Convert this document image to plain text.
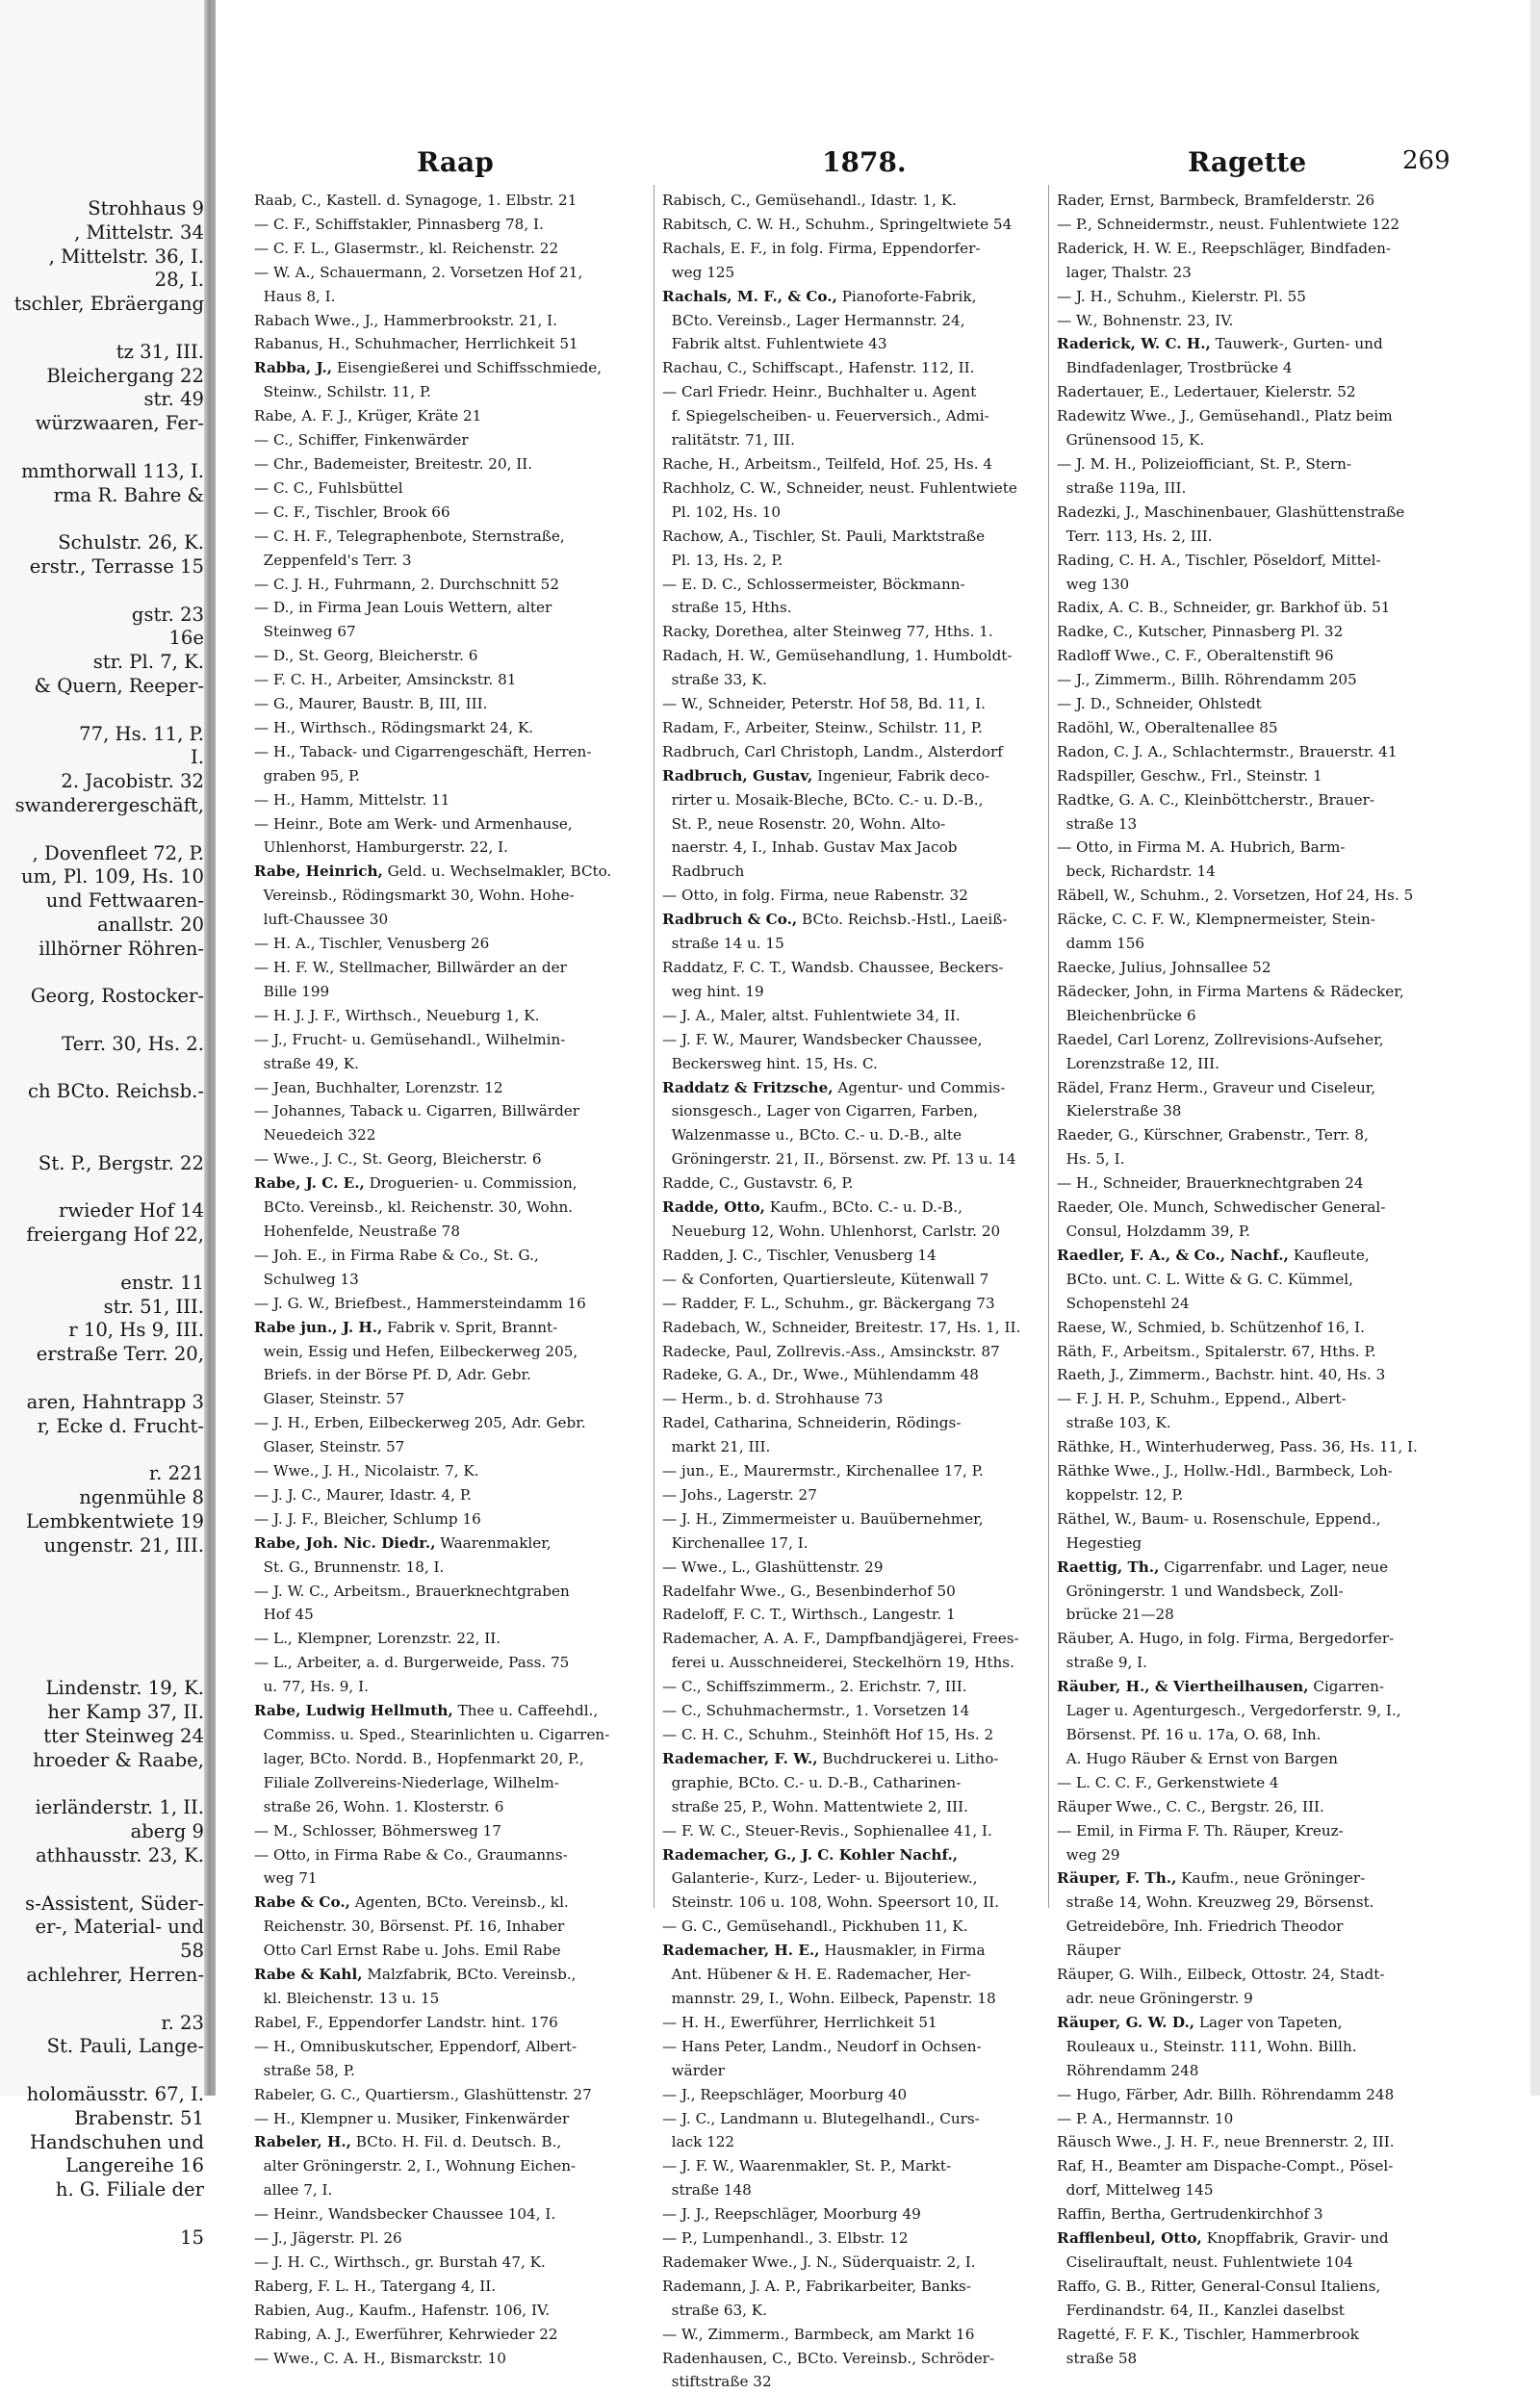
Strohhaus 9
, Mittelstr. 34
, Mittelstr. 36, I.
28, I.
tschler, Ebräergang

tz 31, III.
Bleichergang 22
str. 49
würzwaaren, Fer-

mmthorwall 113, I.
rma R. Bahre &

Schulstr. 26, K.
erstr., Terrasse 15

gstr. 23
16e
str. Pl. 7, K.
& Quern, Reeper-

77, Hs. 11, P.
I.
2. Jacobistr. 32
swanderergeschäft,

, Dovenfleet 72, P.
um, Pl. 109, Hs. 10
und Fettwaaren-
anallstr. 20
illhörner Röhren-

Georg, Rostocker-

Terr. 30, Hs. 2.

ch BCto. Reichsb.-

St. P., Bergstr. 22

rwieder Hof 14
freiergang Hof 22,

enstr. 11
str. 51, III.
r 10, Hs 9, III.
erstraße Terr. 20,

aren, Hahntrapp 3
r, Ecke d. Frucht-

r. 221
ngenmühle 8
Lembkentwiete 19
ungenstr. 21, III.

Lindenstr. 19, K.
her Kamp 37, II.
tter Steinweg 24
hroeder & Raabe,

ierländerstr. 1, II.
aberg 9
athhausstr. 23, K.

s-Assistent, Süder-
er-, Material- und
58
achlehrer, Herren-

r. 23
St. Pauli, Lange-

holomäusstr. 67, I.
Brabenstr. 51
Handschuhen und
Langereihe 16
h. G. Filiale der

15
Raap	1878.	Ragette	269
Raab, C., Kastell. d. Synagoge, 1. Elbstr. 21
— C. F., Schiffstakler, Pinnasberg 78, I.
— C. F. L., Glasermstr., kl. Reichenstr. 22
— W. A., Schauermann, 2. Vorsetzen Hof 21,
Haus 8, I.
Rabach Wwe., J., Hammerbrookstr. 21, I.
Rabanus, H., Schuhmacher, Herrlichkeit 51
Rabba, J., Eisengießerei und Schiffsschmiede,
Steinw., Schilstr. 11, P.
Rabe, A. F. J., Krüger, Kräte 21
— C., Schiffer, Finkenwärder
— Chr., Bademeister, Breitestr. 20, II.
— C. C., Fuhlsbüttel
— C. F., Tischler, Brook 66
— C. H. F., Telegraphenbote, Sternstraße,
Zeppenfeld's Terr. 3
— C. J. H., Fuhrmann, 2. Durchschnitt 52
— D., in Firma Jean Louis Wettern, alter
Steinweg 67
— D., St. Georg, Bleicherstr. 6
— F. C. H., Arbeiter, Amsinckstr. 81
— G., Maurer, Baustr. B, III, III.
— H., Wirthsch., Rödingsmarkt 24, K.
— H., Taback- und Cigarrengeschäft, Herren-
graben 95, P.
— H., Hamm, Mittelstr. 11
— Heinr., Bote am Werk- und Armenhause,
Uhlenhorst, Hamburgerstr. 22, I.
Rabe, Heinrich, Geld. u. Wechselmakler, BCto.
Vereinsb., Rödingsmarkt 30, Wohn. Hohe-
luft-Chaussee 30
— H. A., Tischler, Venusberg 26
— H. F. W., Stellmacher, Billwärder an der
Bille 199
— H. J. J. F., Wirthsch., Neueburg 1, K.
— J., Frucht- u. Gemüsehandl., Wilhelmin-
straße 49, K.
— Jean, Buchhalter, Lorenzstr. 12
— Johannes, Taback u. Cigarren, Billwärder
Neuedeich 322
— Wwe., J. C., St. Georg, Bleicherstr. 6
Rabe, J. C. E., Droguerien- u. Commission,
BCto. Vereinsb., kl. Reichenstr. 30, Wohn.
Hohenfelde, Neustraße 78
— Joh. E., in Firma Rabe & Co., St. G.,
Schulweg 13
— J. G. W., Briefbest., Hammersteindamm 16
Rabe jun., J. H., Fabrik v. Sprit, Brannt-
wein, Essig und Hefen, Eilbeckerweg 205,
Briefs. in der Börse Pf. D, Adr. Gebr.
Glaser, Steinstr. 57
— J. H., Erben, Eilbeckerweg 205, Adr. Gebr.
Glaser, Steinstr. 57
— Wwe., J. H., Nicolaistr. 7, K.
— J. J. C., Maurer, Idastr. 4, P.
— J. J. F., Bleicher, Schlump 16
Rabe, Joh. Nic. Diedr., Waarenmakler,
St. G., Brunnenstr. 18, I.
— J. W. C., Arbeitsm., Brauerknechtgraben
Hof 45
— L., Klempner, Lorenzstr. 22, II.
— L., Arbeiter, a. d. Burgerweide, Pass. 75
u. 77, Hs. 9, I.
Rabe, Ludwig Hellmuth, Thee u. Caffeehdl.,
Commiss. u. Sped., Stearinlichten u. Cigarren-
lager, BCto. Nordd. B., Hopfenmarkt 20, P.,
Filiale Zollvereins-Niederlage, Wilhelm-
straße 26, Wohn. 1. Klosterstr. 6
— M., Schlosser, Böhmersweg 17
— Otto, in Firma Rabe & Co., Graumanns-
weg 71
Rabe & Co., Agenten, BCto. Vereinsb., kl.
Reichenstr. 30, Börsenst. Pf. 16, Inhaber
Otto Carl Ernst Rabe u. Johs. Emil Rabe
Rabe & Kahl, Malzfabrik, BCto. Vereinsb.,
kl. Bleichenstr. 13 u. 15
Rabel, F., Eppendorfer Landstr. hint. 176
— H., Omnibuskutscher, Eppendorf, Albert-
straße 58, P.
Rabeler, G. C., Quartiersm., Glashüttenstr. 27
— H., Klempner u. Musiker, Finkenwärder
Rabeler, H., BCto. H. Fil. d. Deutsch. B.,
alter Gröningerstr. 2, I., Wohnung Eichen-
allee 7, I.
— Heinr., Wandsbecker Chaussee 104, I.
— J., Jägerstr. Pl. 26
— J. H. C., Wirthsch., gr. Burstah 47, K.
Raberg, F. L. H., Tatergang 4, II.
Rabien, Aug., Kaufm., Hafenstr. 106, IV.
Rabing, A. J., Ewerführer, Kehrwieder 22
— Wwe., C. A. H., Bismarckstr. 10
Rabisch, C., Gemüsehandl., Idastr. 1, K.
Rabitsch, C. W. H., Schuhm., Springeltwiete 54
Rachals, E. F., in folg. Firma, Eppendorfer-
weg 125
Rachals, M. F., & Co., Pianoforte-Fabrik,
BCto. Vereinsb., Lager Hermannstr. 24,
Fabrik altst. Fuhlentwiete 43
Rachau, C., Schiffscapt., Hafenstr. 112, II.
— Carl Friedr. Heinr., Buchhalter u. Agent
f. Spiegelscheiben- u. Feuerversich., Admi-
ralitätstr. 71, III.
Rache, H., Arbeitsm., Teilfeld, Hof. 25, Hs. 4
Rachholz, C. W., Schneider, neust. Fuhlentwiete
Pl. 102, Hs. 10
Rachow, A., Tischler, St. Pauli, Marktstraße
Pl. 13, Hs. 2, P.
— E. D. C., Schlossermeister, Böckmann-
straße 15, Hths.
Racky, Dorethea, alter Steinweg 77, Hths. 1.
Radach, H. W., Gemüsehandlung, 1. Humboldt-
straße 33, K.
— W., Schneider, Peterstr. Hof 58, Bd. 11, I.
Radam, F., Arbeiter, Steinw., Schilstr. 11, P.
Radbruch, Carl Christoph, Landm., Alsterdorf
Radbruch, Gustav, Ingenieur, Fabrik deco-
rirter u. Mosaik-Bleche, BCto. C.- u. D.-B.,
St. P., neue Rosenstr. 20, Wohn. Alto-
naerstr. 4, I., Inhab. Gustav Max Jacob
Radbruch
— Otto, in folg. Firma, neue Rabenstr. 32
Radbruch & Co., BCto. Reichsb.-Hstl., Laeiß-
straße 14 u. 15
Raddatz, F. C. T., Wandsb. Chaussee, Beckers-
weg hint. 19
— J. A., Maler, altst. Fuhlentwiete 34, II.
— J. F. W., Maurer, Wandsbecker Chaussee,
Beckersweg hint. 15, Hs. C.
Raddatz & Fritzsche, Agentur- und Commis-
sionsgesch., Lager von Cigarren, Farben,
Walzenmasse u., BCto. C.- u. D.-B., alte
Gröningerstr. 21, II., Börsenst. zw. Pf. 13 u. 14
Radde, C., Gustavstr. 6, P.
Radde, Otto, Kaufm., BCto. C.- u. D.-B.,
Neueburg 12, Wohn. Uhlenhorst, Carlstr. 20
Radden, J. C., Tischler, Venusberg 14
— & Conforten, Quartiersleute, Kütenwall 7
— Radder, F. L., Schuhm., gr. Bäckergang 73
Radebach, W., Schneider, Breitestr. 17, Hs. 1, II.
Radecke, Paul, Zollrevis.-Ass., Amsinckstr. 87
Radeke, G. A., Dr., Wwe., Mühlendamm 48
— Herm., b. d. Strohhause 73
Radel, Catharina, Schneiderin, Rödings-
markt 21, III.
— jun., E., Maurermstr., Kirchenallee 17, P.
— Johs., Lagerstr. 27
— J. H., Zimmermeister u. Bauübernehmer,
Kirchenallee 17, I.
— Wwe., L., Glashüttenstr. 29
Radelfahr Wwe., G., Besenbinderhof 50
Radeloff, F. C. T., Wirthsch., Langestr. 1
Rademacher, A. A. F., Dampfbandjägerei, Frees-
ferei u. Ausschneiderei, Steckelhörn 19, Hths.
— C., Schiffszimmerm., 2. Erichstr. 7, III.
— C., Schuhmachermstr., 1. Vorsetzen 14
— C. H. C., Schuhm., Steinhöft Hof 15, Hs. 2
Rademacher, F. W., Buchdruckerei u. Litho-
graphie, BCto. C.- u. D.-B., Catharinen-
straße 25, P., Wohn. Mattentwiete 2, III.
— F. W. C., Steuer-Revis., Sophienallee 41, I.
Rademacher, G., J. C. Kohler Nachf.,
Galanterie-, Kurz-, Leder- u. Bijouteriew.,
Steinstr. 106 u. 108, Wohn. Speersort 10, II.
— G. C., Gemüsehandl., Pickhuben 11, K.
Rademacher, H. E., Hausmakler, in Firma
Ant. Hübener & H. E. Rademacher, Her-
mannstr. 29, I., Wohn. Eilbeck, Papenstr. 18
— H. H., Ewerführer, Herrlichkeit 51
— Hans Peter, Landm., Neudorf in Ochsen-
wärder
— J., Reepschläger, Moorburg 40
— J. C., Landmann u. Blutegelhandl., Curs-
lack 122
— J. F. W., Waarenmakler, St. P., Markt-
straße 148
— J. J., Reepschläger, Moorburg 49
— P., Lumpenhandl., 3. Elbstr. 12
Rademaker Wwe., J. N., Süderquaistr. 2, I.
Rademann, J. A. P., Fabrikarbeiter, Banks-
straße 63, K.
— W., Zimmerm., Barmbeck, am Markt 16
Radenhausen, C., BCto. Vereinsb., Schröder-
stiftstraße 32
Rader, Ernst, Barmbeck, Bramfelderstr. 26
— P., Schneidermstr., neust. Fuhlentwiete 122
Raderick, H. W. E., Reepschläger, Bindfaden-
lager, Thalstr. 23
— J. H., Schuhm., Kielerstr. Pl. 55
— W., Bohnenstr. 23, IV.
Raderick, W. C. H., Tauwerk-, Gurten- und
Bindfadenlager, Trostbrücke 4
Radertauer, E., Ledertauer, Kielerstr. 52
Radewitz Wwe., J., Gemüsehandl., Platz beim
Grünensood 15, K.
— J. M. H., Polizeiofficiant, St. P., Stern-
straße 119a, III.
Radezki, J., Maschinenbauer, Glashüttenstraße
Terr. 113, Hs. 2, III.
Rading, C. H. A., Tischler, Pöseldorf, Mittel-
weg 130
Radix, A. C. B., Schneider, gr. Barkhof üb. 51
Radke, C., Kutscher, Pinnasberg Pl. 32
Radloff Wwe., C. F., Oberaltenstift 96
— J., Zimmerm., Billh. Röhrendamm 205
— J. D., Schneider, Ohlstedt
Radöhl, W., Oberaltenallee 85
Radon, C. J. A., Schlachtermstr., Brauerstr. 41
Radspiller, Geschw., Frl., Steinstr. 1
Radtke, G. A. C., Kleinböttcherstr., Brauer-
straße 13
— Otto, in Firma M. A. Hubrich, Barm-
beck, Richardstr. 14
Räbell, W., Schuhm., 2. Vorsetzen, Hof 24, Hs. 5
Räcke, C. C. F. W., Klempnermeister, Stein-
damm 156
Raecke, Julius, Johnsallee 52
Rädecker, John, in Firma Martens & Rädecker,
Bleichenbrücke 6
Raedel, Carl Lorenz, Zollrevisions-Aufseher,
Lorenzstraße 12, III.
Rädel, Franz Herm., Graveur und Ciseleur,
Kielerstraße 38
Raeder, G., Kürschner, Grabenstr., Terr. 8,
Hs. 5, I.
— H., Schneider, Brauerknechtgraben 24
Raeder, Ole. Munch, Schwedischer General-
Consul, Holzdamm 39, P.
Raedler, F. A., & Co., Nachf., Kaufleute,
BCto. unt. C. L. Witte & G. C. Kümmel,
Schopenstehl 24
Raese, W., Schmied, b. Schützenhof 16, I.
Räth, F., Arbeitsm., Spitalerstr. 67, Hths. P.
Raeth, J., Zimmerm., Bachstr. hint. 40, Hs. 3
— F. J. H. P., Schuhm., Eppend., Albert-
straße 103, K.
Räthke, H., Winterhuderweg, Pass. 36, Hs. 11, I.
Räthke Wwe., J., Hollw.-Hdl., Barmbeck, Loh-
koppelstr. 12, P.
Räthel, W., Baum- u. Rosenschule, Eppend.,
Hegestieg
Raettig, Th., Cigarrenfabr. und Lager, neue
Gröningerstr. 1 und Wandsbeck, Zoll-
brücke 21—28
Räuber, A. Hugo, in folg. Firma, Bergedorfer-
straße 9, I.
Räuber, H., & Viertheilhausen, Cigarren-
Lager u. Agenturgesch., Vergedorferstr. 9, I.,
Börsenst. Pf. 16 u. 17a, O. 68, Inh.
A. Hugo Räuber & Ernst von Bargen
— L. C. C. F., Gerkenstwiete 4
Räuper Wwe., C. C., Bergstr. 26, III.
— Emil, in Firma F. Th. Räuper, Kreuz-
weg 29
Räuper, F. Th., Kaufm., neue Gröninger-
straße 14, Wohn. Kreuzweg 29, Börsenst.
Getreideböre, Inh. Friedrich Theodor
Räuper
Räuper, G. Wilh., Eilbeck, Ottostr. 24, Stadt-
adr. neue Gröningerstr. 9
Räuper, G. W. D., Lager von Tapeten,
Rouleaux u., Steinstr. 111, Wohn. Billh.
Röhrendamm 248
— Hugo, Färber, Adr. Billh. Röhrendamm 248
— P. A., Hermannstr. 10
Räusch Wwe., J. H. F., neue Brennerstr. 2, III.
Raf, H., Beamter am Dispache-Compt., Pösel-
dorf, Mittelweg 145
Raffin, Bertha, Gertrudenkirchhof 3
Rafflenbeul, Otto, Knopffabrik, Gravir- und
Ciselirauftalt, neust. Fuhlentwiete 104
Raffo, G. B., Ritter, General-Consul Italiens,
Ferdinandstr. 64, II., Kanzlei daselbst
Ragetté, F. F. K., Tischler, Hammerbrook
straße 58
